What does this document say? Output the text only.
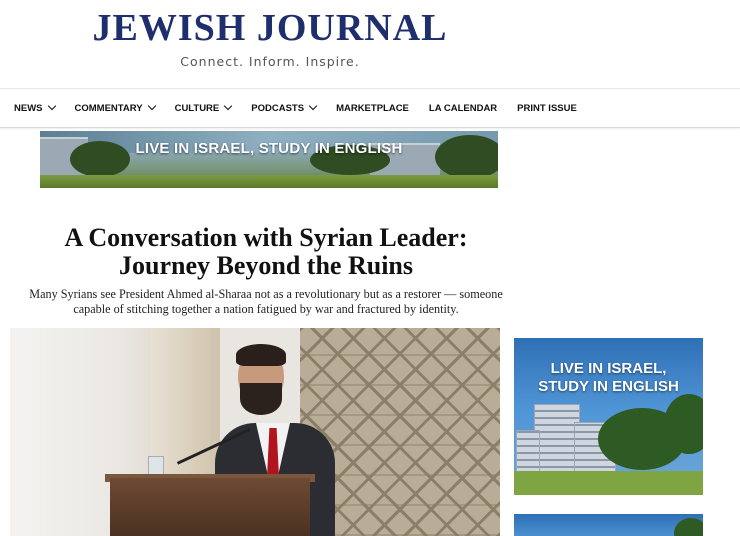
JEWISH JOURNAL
Connect. Inform. Inspire.
NEWS	COMMENTARY	CULTURE	PODCASTS	MARKETPLACE LA CALENDAR PRINT ISSUE
LIVE IN ISRAEL, STUDY IN ENGLISH
A Conversation with Syrian Leader:
Journey Beyond the Ruins
Many Syrians see President Ahmed al-Sharaa not as a revolutionary but as a restorer — someone
capable of stitching together a nation fatigued by war and fractured by identity.
LIVE IN ISRAEL,
STUDY IN ENGLISH
